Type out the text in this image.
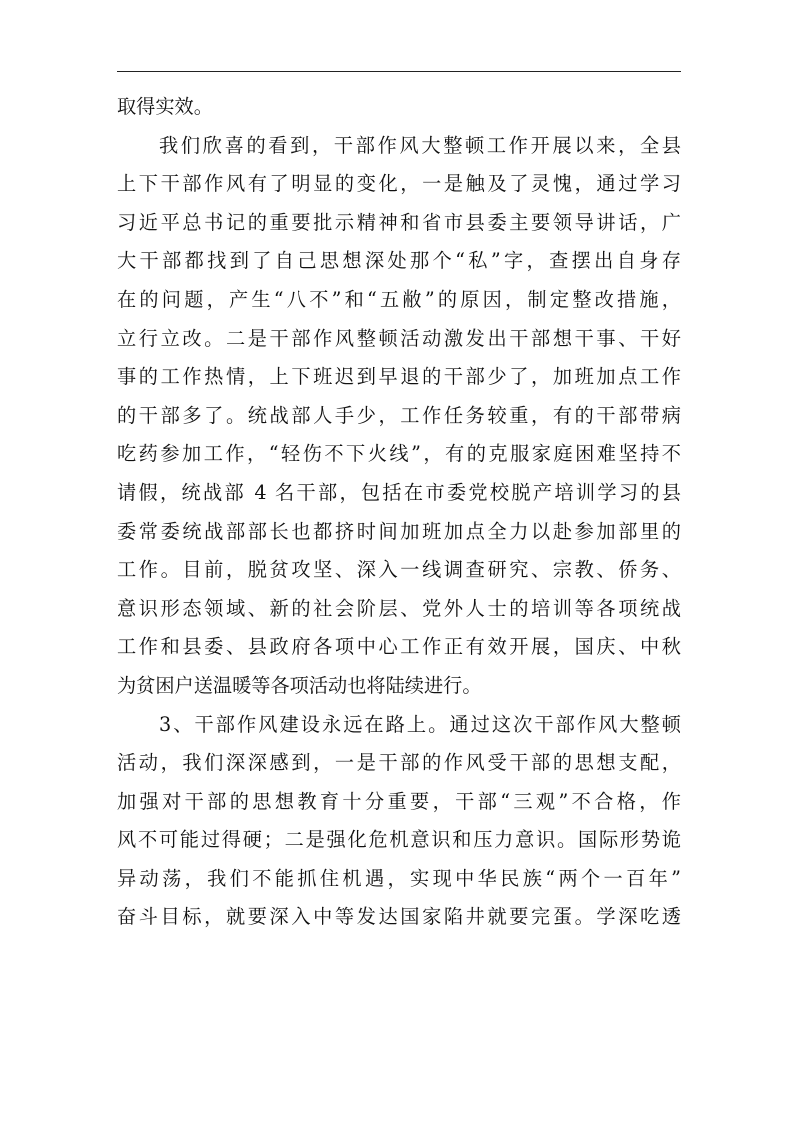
取得实效。
我们欣喜的看到，干部作风大整顿工作开展以来，全县
上下干部作风有了明显的变化，一是触及了灵愧，通过学习
习近平总书记的重要批示精神和省市县委主要领导讲话，广
大干部都找到了自己思想深处那个“私”字，查摆出自身存
在的问题，产生“八不”和“五敝”的原因，制定整改措施，
立行立改。二是干部作风整顿活动激发出干部想干事、干好
事的工作热情，上下班迟到早退的干部少了，加班加点工作
的干部多了。统战部人手少，工作任务较重，有的干部带病
吃药参加工作，“轻伤不下火线”，有的克服家庭困难坚持不
请假，统战部 4 名干部，包括在市委党校脱产培训学习的县
委常委统战部部长也都挤时间加班加点全力以赴参加部里的
工作。目前，脱贫攻坚、深入一线调查研究、宗教、侨务、
意识形态领域、新的社会阶层、党外人士的培训等各项统战
工作和县委、县政府各项中心工作正有效开展，国庆、中秋
为贫困户送温暖等各项活动也将陆续进行。
3、干部作风建设永远在路上。通过这次干部作风大整顿
活动，我们深深感到，一是干部的作风受干部的思想支配，
加强对干部的思想教育十分重要，干部“三观”不合格，作
风不可能过得硬；二是强化危机意识和压力意识。国际形势诡
异动荡，我们不能抓住机遇，实现中华民族“两个一百年”
奋斗目标，就要深入中等发达国家陷井就要完蛋。学深吃透
